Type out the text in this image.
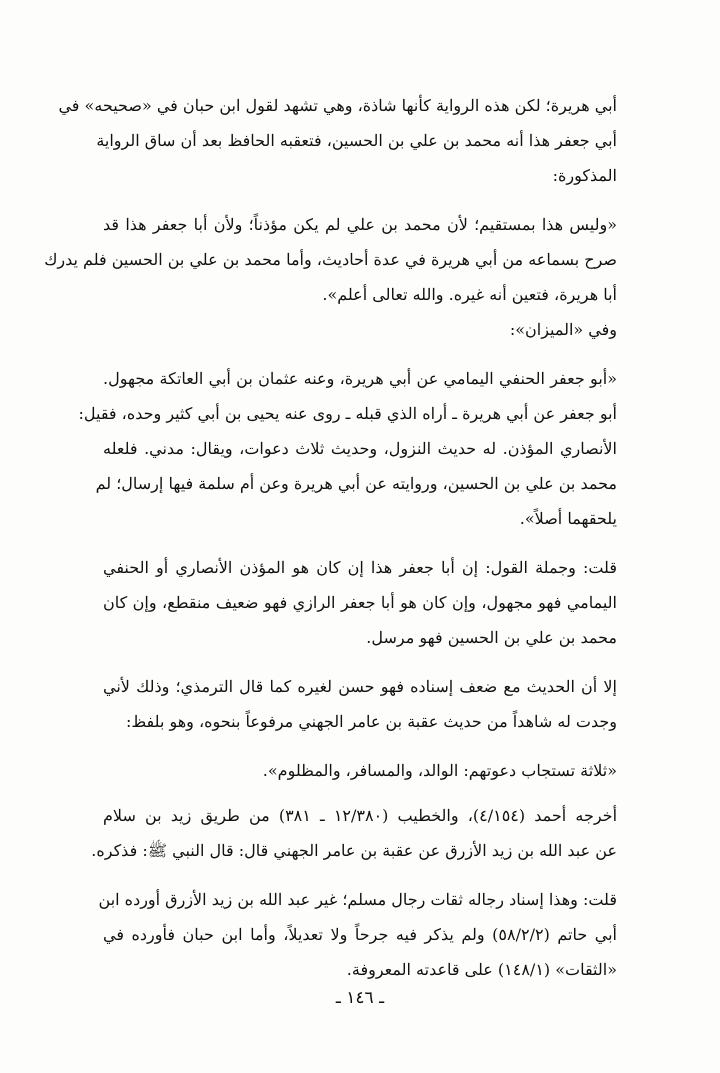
أبي هريرة؛ لكن هذه الرواية كأنها شاذة، وهي تشهد لقول ابن حبان في «صحيحه» في
أبي جعفر هذا أنه محمد بن علي بن الحسين، فتعقبه الحافظ بعد أن ساق الرواية
المذكورة:
«وليس هذا بمستقيم؛ لأن محمد بن علي لم يكن مؤذناً؛ ولأن أبا جعفر هذا قد
صرح بسماعه من أبي هريرة في عدة أحاديث، وأما محمد بن علي بن الحسين فلم يدرك
أبا هريرة، فتعين أنه غيره. والله تعالى أعلم».
وفي «الميزان»:
«أبو جعفر الحنفي اليمامي عن أبي هريرة، وعنه عثمان بن أبي العاتكة مجهول.
أبو جعفر عن أبي هريرة ـ أراه الذي قبله ـ روى عنه يحيى بن أبي كثير وحده، فقيل:
الأنصاري المؤذن. له حديث النزول، وحديث ثلاث دعوات، ويقال: مدني. فلعله
محمد بن علي بن الحسين، وروايته عن أبي هريرة وعن أم سلمة فيها إرسال؛ لم
يلحقهما أصلاً».
قلت: وجملة القول: إن أبا جعفر هذا إن كان هو المؤذن الأنصاري أو الحنفي
اليمامي فهو مجهول، وإن كان هو أبا جعفر الرازي فهو ضعيف منقطع، وإن كان
محمد بن علي بن الحسين فهو مرسل.
إلا أن الحديث مع ضعف إسناده فهو حسن لغيره كما قال الترمذي؛ وذلك لأني
وجدت له شاهداً من حديث عقبة بن عامر الجهني مرفوعاً بنحوه، وهو بلفظ:
«ثلاثة تستجاب دعوتهم: الوالد، والمسافر، والمظلوم».
أخرجه أحمد (٤/١٥٤)، والخطيب (١٢/٣٨٠ ـ ٣٨١) من طريق زيد بن سلام
عن عبد الله بن زيد الأزرق عن عقبة بن عامر الجهني قال: قال النبي ﷺ: فذكره.
قلت: وهذا إسناد رجاله ثقات رجال مسلم؛ غير عبد الله بن زيد الأزرق أورده ابن
أبي حاتم (٥٨/٢/٢) ولم يذكر فيه جرحاً ولا تعديلاً، وأما ابن حبان فأورده في
«الثقات» (١٤٨/١) على قاعدته المعروفة.
ـ ١٤٦ ـ
